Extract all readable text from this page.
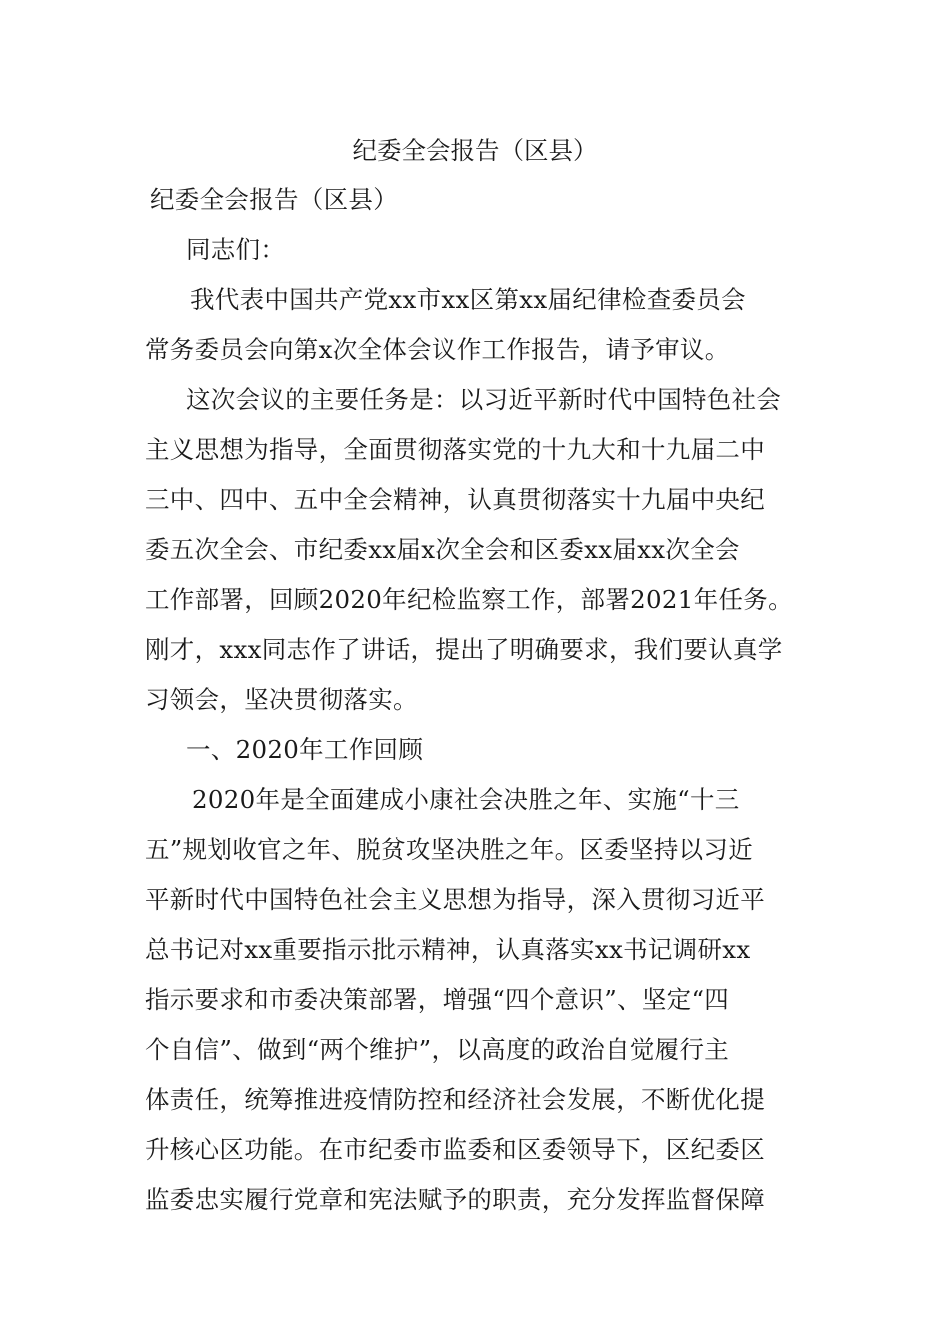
纪委全会报告（区县）
纪委全会报告（区县）
同志们：
我代表中国共产党xx市xx区第xx届纪律检查委员会
常务委员会向第x次全体会议作工作报告，请予审议。
这次会议的主要任务是：以习近平新时代中国特色社会
主义思想为指导，全面贯彻落实党的十九大和十九届二中
三中、四中、五中全会精神，认真贯彻落实十九届中央纪
委五次全会、市纪委xx届x次全会和区委xx届xx次全会
工作部署，回顾2020年纪检监察工作，部署2021年任务。
刚才，xxx同志作了讲话，提出了明确要求，我们要认真学
习领会，坚决贯彻落实。
一、2020年工作回顾
2020年是全面建成小康社会决胜之年、实施“十三
五”规划收官之年、脱贫攻坚决胜之年。区委坚持以习近
平新时代中国特色社会主义思想为指导，深入贯彻习近平
总书记对xx重要指示批示精神，认真落实xx书记调研xx
指示要求和市委决策部署，增强“四个意识”、坚定“四
个自信”、做到“两个维护”，以高度的政治自觉履行主
体责任，统筹推进疫情防控和经济社会发展，不断优化提
升核心区功能。在市纪委市监委和区委领导下，区纪委区
监委忠实履行党章和宪法赋予的职责，充分发挥监督保障
